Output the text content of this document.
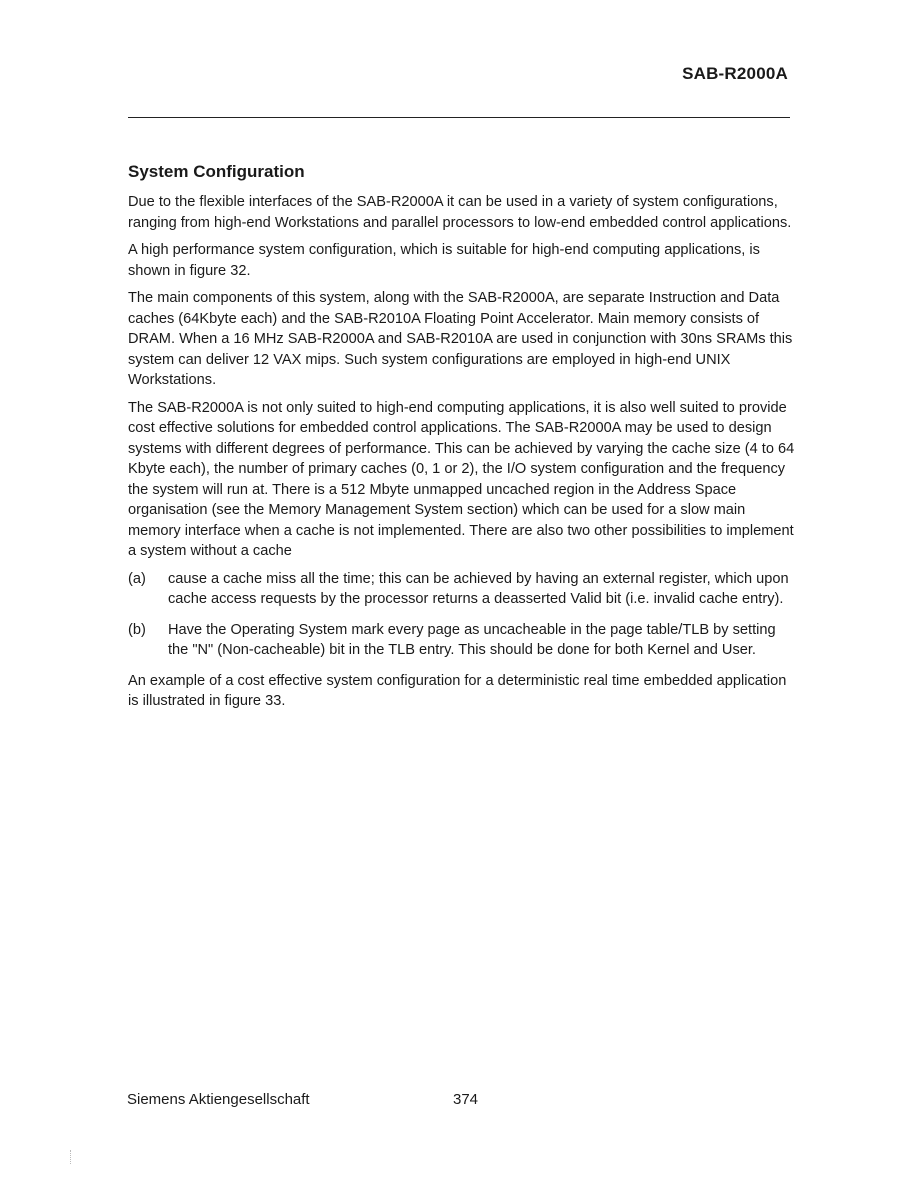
SAB-R2000A
System Configuration

Due to the flexible interfaces of the SAB-R2000A it can be used in a variety of system configurations, ranging from high-end Workstations and parallel processors to low-end embedded control applications.

A high performance system configuration, which is suitable for high-end computing applications, is shown in figure 32.

The main components of this system, along with the SAB-R2000A, are separate Instruction and Data caches (64Kbyte each) and the SAB-R2010A Floating Point Accelerator. Main memory consists of DRAM. When a 16 MHz SAB-R2000A and SAB-R2010A are used in conjunction with 30ns SRAMs this system can deliver 12 VAX mips. Such system configurations are employed in high-end UNIX Workstations.

The SAB-R2000A is not only suited to high-end computing applications, it is also well suited to provide cost effective solutions for embedded control applications. The SAB-R2000A may be used to design systems with different degrees of performance. This can be achieved by varying the cache size (4 to 64 Kbyte each), the number of primary caches (0, 1 or 2), the I/O system configuration and the frequency the system will run at. There is a 512 Mbyte unmapped uncached region in the Address Space organisation (see the Memory Management System section) which can be used for a slow main memory interface when a cache is not implemented. There are also two other possibilities to implement a system without a cache

(a)	cause a cache miss all the time; this can be achieved by having an external register, which upon cache access requests by the processor returns a deasserted Valid bit (i.e. invalid cache entry).
(b)	Have the Operating System mark every page as uncacheable in the page table/TLB by setting the "N" (Non-cacheable) bit in the TLB entry. This should be done for both Kernel and User.

An example of a cost effective system configuration for a deterministic real time embedded application is illustrated in figure 33.

Siemens Aktiengesellschaft	374
